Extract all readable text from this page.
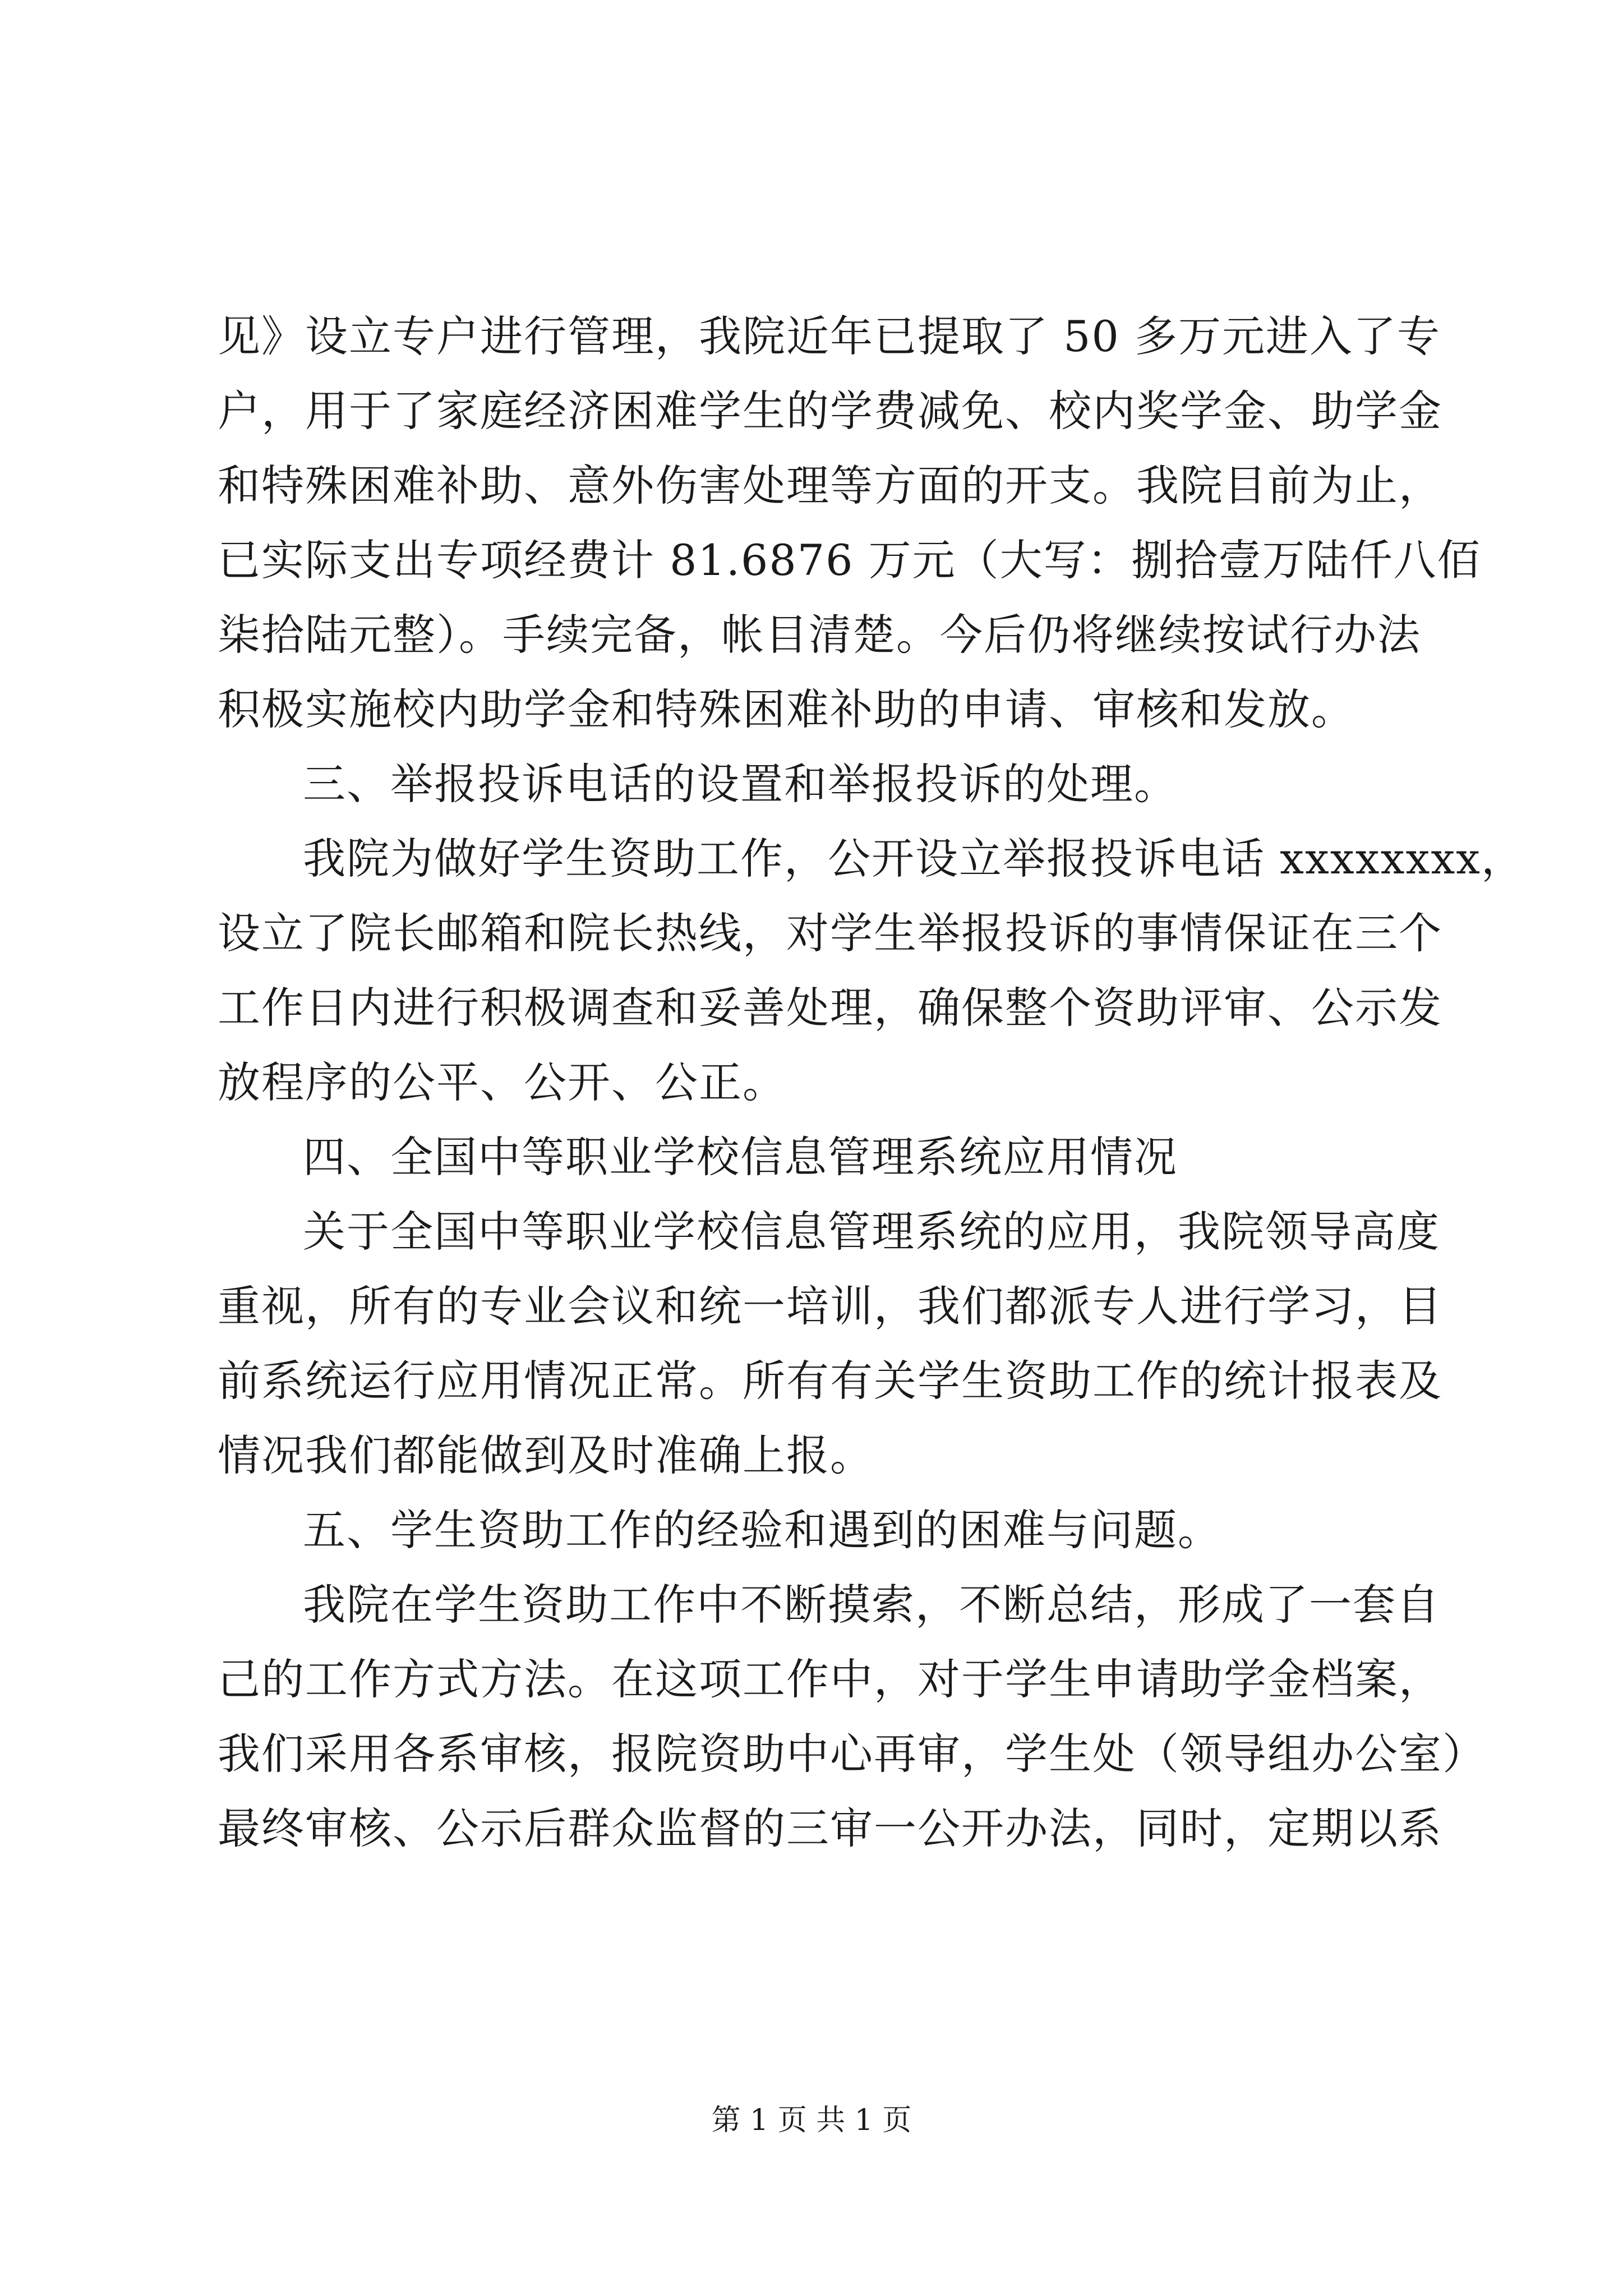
见》设立专户进行管理，我院近年已提取了 50 多万元进入了专
户，用于了家庭经济困难学生的学费减免、校内奖学金、助学金
和特殊困难补助、意外伤害处理等方面的开支。我院目前为止，
已实际支出专项经费计 81.6876 万元（大写：捌拾壹万陆仟八佰
柒拾陆元整）。手续完备，帐目清楚。今后仍将继续按试行办法
积极实施校内助学金和特殊困难补助的申请、审核和发放。
三、举报投诉电话的设置和举报投诉的处理。
我院为做好学生资助工作，公开设立举报投诉电话 xxxxxxxx，
设立了院长邮箱和院长热线，对学生举报投诉的事情保证在三个
工作日内进行积极调查和妥善处理，确保整个资助评审、公示发
放程序的公平、公开、公正。
四、全国中等职业学校信息管理系统应用情况
关于全国中等职业学校信息管理系统的应用，我院领导高度
重视，所有的专业会议和统一培训，我们都派专人进行学习，目
前系统运行应用情况正常。所有有关学生资助工作的统计报表及
情况我们都能做到及时准确上报。
五、学生资助工作的经验和遇到的困难与问题。
我院在学生资助工作中不断摸索，不断总结，形成了一套自
己的工作方式方法。在这项工作中，对于学生申请助学金档案，
我们采用各系审核，报院资助中心再审，学生处（领导组办公室）
最终审核、公示后群众监督的三审一公开办法，同时，定期以系
第 1 页 共 1 页
